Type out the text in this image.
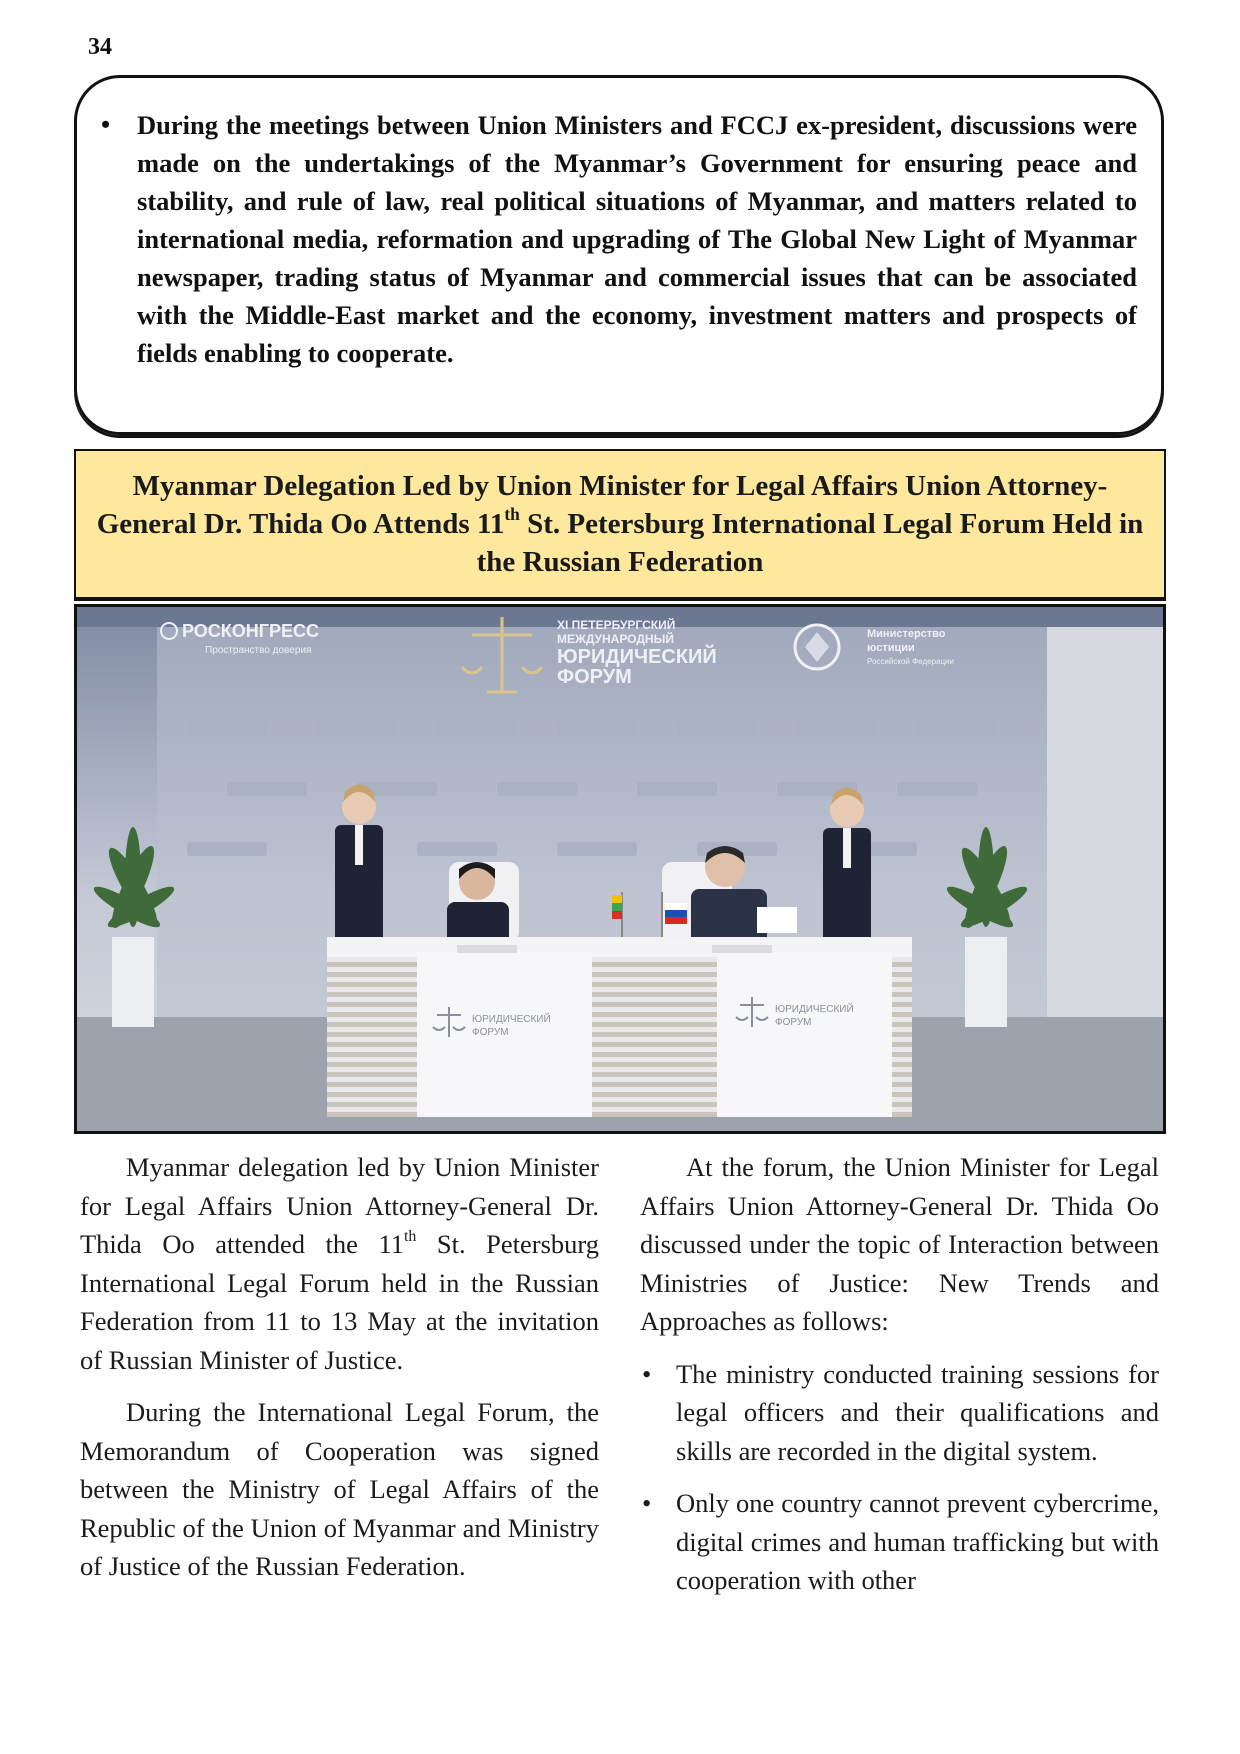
34
• During the meetings between Union Ministers and FCCJ ex-president, discussions were made on the undertakings of the Myanmar’s Government for ensuring peace and stability, and rule of law, real political situations of Myanmar, and matters related to international media, reformation and upgrading of The Global New Light of Myanmar newspaper, trading status of Myanmar and commercial issues that can be associated with the Middle-East market and the economy, investment matters and prospects of fields enabling to cooperate.
Myanmar Delegation Led by Union Minister for Legal Affairs Union Attorney-General Dr. Thida Oo Attends 11th St. Petersburg International Legal Forum Held in the Russian Federation
РОСКОНГРЕСС
Пространство доверия
XI ПЕТЕРБУРГСКИЙ
МЕЖДУНАРОДНЫЙ
ЮРИДИЧЕСКИЙ
ФОРУМ
Министерство
юстиции
Российской Федерации
ЮРИДИЧЕСКИЙ
ФОРУМ
ЮРИДИЧЕСКИЙ
ФОРУМ

Myanmar delegation led by Union Minister for Legal Affairs Union Attorney-General Dr. Thida Oo attended the 11th St. Petersburg International Legal Forum held in the Russian Federation from 11 to 13 May at the invitation of Russian Minister of Justice.

During the International Legal Forum, the Memorandum of Cooperation was signed between the Ministry of Legal Affairs of the Republic of the Union of Myanmar and Ministry of Justice of the Russian Federation.

At the forum, the Union Minister for Legal Affairs Union Attorney-General Dr. Thida Oo discussed under the topic of Interaction between Ministries of Justice: New Trends and Approaches as follows:

• The ministry conducted training sessions for legal officers and their qualifications and skills are recorded in the digital system.
• Only one country cannot prevent cybercrime, digital crimes and human trafficking but with cooperation with other
